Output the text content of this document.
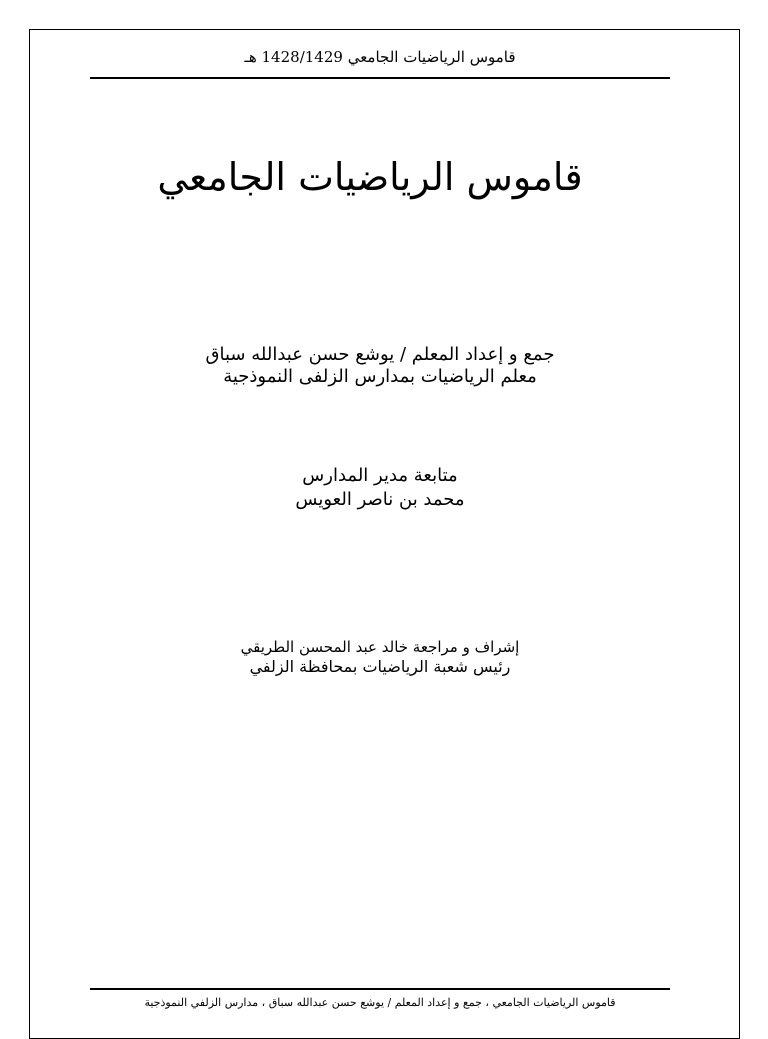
قاموس الرياضيات الجامعي 1428/1429 هـ
قاموس الرياضيات الجامعي
جمع و إعداد المعلم / يوشع حسن عبدالله سباق
معلم الرياضيات بمدارس الزلفى النموذجية
متابعة مدير المدارس
محمد بن ناصر العويس
إشراف و مراجعة خالد عبد المحسن الطريقي
رئيس شعبة الرياضيات بمحافظة الزلفي
قاموس الرياضيات الجامعي ، جمع و إعداد المعلم / يوشع حسن عبدالله سباق ، مدارس الزلفي النموذجية
